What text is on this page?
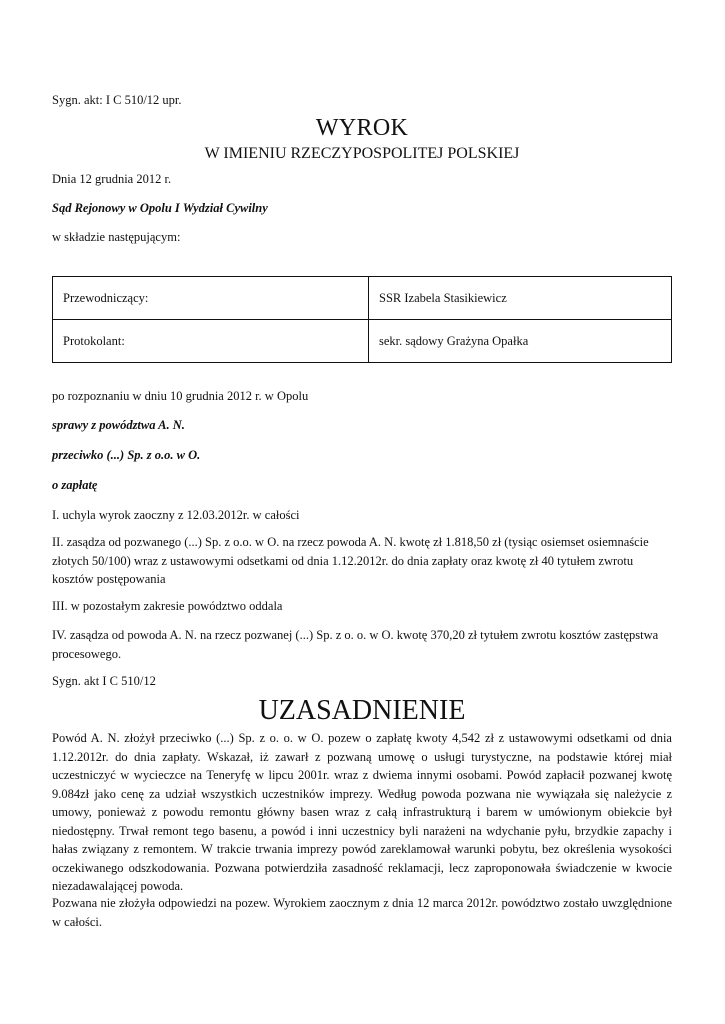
Sygn. akt: I C 510/12 upr.
WYROK
W IMIENIU RZECZYPOSPOLITEJ POLSKIEJ
Dnia 12 grudnia 2012 r.
Sąd Rejonowy w Opolu I Wydział Cywilny
w składzie następującym:
Przewodniczący:	SSR Izabela Stasikiewicz
Protokolant:	sekr. sądowy Grażyna Opałka
po rozpoznaniu w dniu 10 grudnia 2012 r. w Opolu
sprawy z powództwa A. N.
przeciwko (...) Sp. z o.o. w O.
o zapłatę
I. uchyla wyrok zaoczny z 12.03.2012r. w całości
II. zasądza od pozwanego (...) Sp. z o.o. w O. na rzecz powoda A. N. kwotę zł 1.818,50 zł (tysiąc osiemset osiemnaście złotych 50/100) wraz z ustawowymi odsetkami od dnia 1.12.2012r. do dnia zapłaty oraz kwotę zł 40 tytułem zwrotu kosztów postępowania
III. w pozostałym zakresie powództwo oddala
IV. zasądza od powoda A. N. na rzecz pozwanej (...) Sp. z o. o. w O. kwotę 370,20 zł tytułem zwrotu kosztów zastępstwa procesowego.
Sygn. akt I C 510/12
UZASADNIENIE
Powód A. N. złożył przeciwko (...) Sp. z o. o. w O. pozew o zapłatę kwoty 4,542 zł z ustawowymi odsetkami od dnia 1.12.2012r. do dnia zapłaty. Wskazał, iż zawarł z pozwaną umowę o usługi turystyczne, na podstawie której miał uczestniczyć w wycieczce na Teneryfę w lipcu 2001r. wraz z dwiema innymi osobami. Powód zapłacił pozwanej kwotę 9.084zł jako cenę za udział wszystkich uczestników imprezy. Według powoda pozwana nie wywiązała się należycie z umowy, ponieważ z powodu remontu główny basen wraz z całą infrastrukturą i barem w umówionym obiekcie był niedostępny. Trwał remont tego basenu, a powód i inni uczestnicy byli narażeni na wdychanie pyłu, brzydkie zapachy i hałas związany z remontem. W trakcie trwania imprezy powód zareklamował warunki pobytu, bez określenia wysokości oczekiwanego odszkodowania. Pozwana potwierdziła zasadność reklamacji, lecz zaproponowała świadczenie w kwocie niezadawalającej powoda.
Pozwana nie złożyła odpowiedzi na pozew. Wyrokiem zaocznym z dnia 12 marca 2012r. powództwo zostało uwzględnione w całości.
